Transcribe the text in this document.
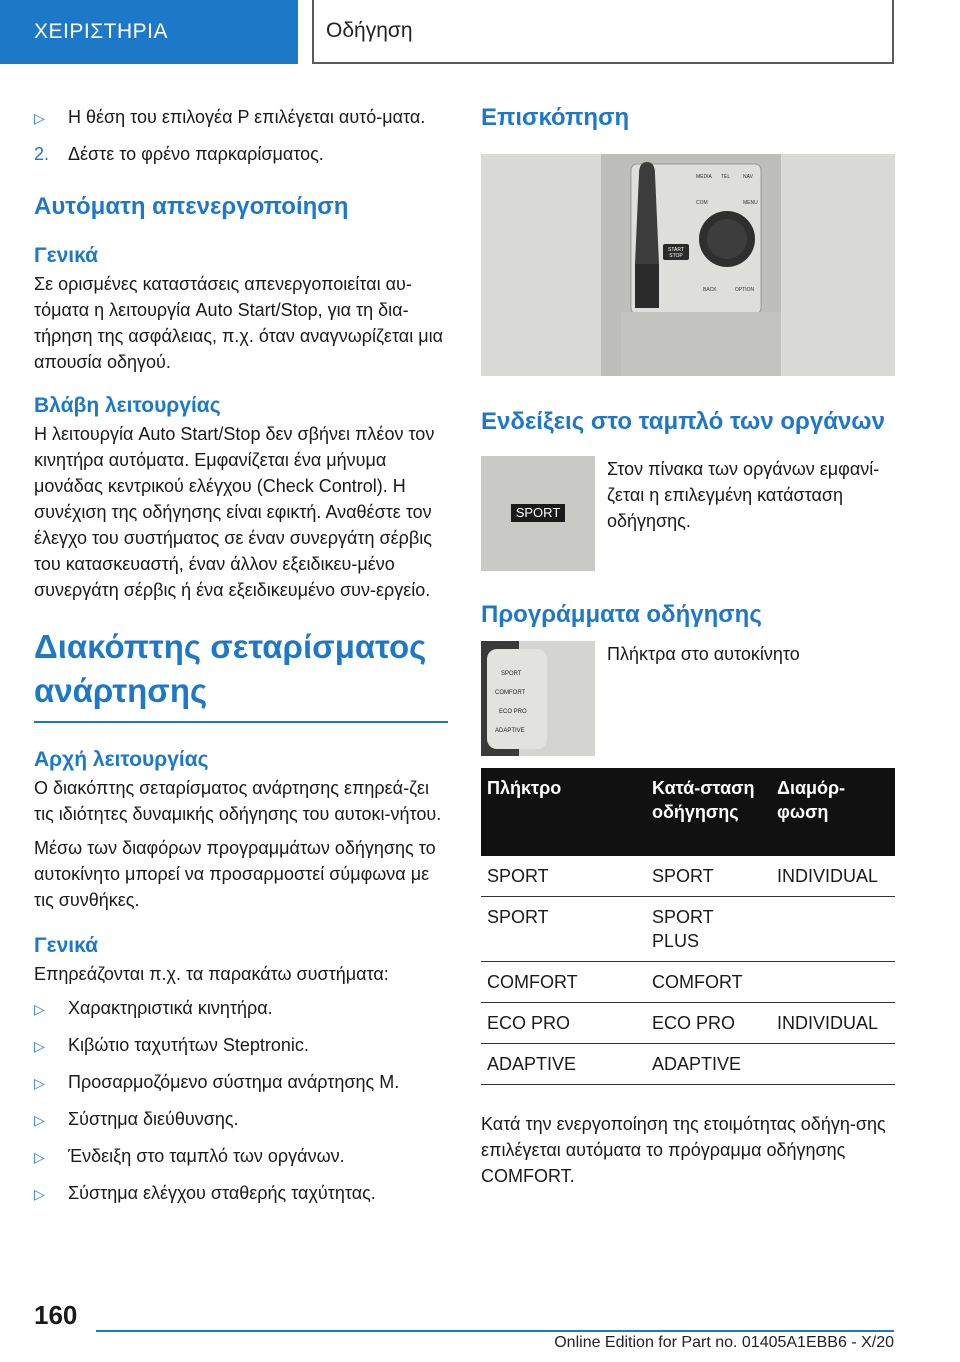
ΧΕΙΡΙΣΤΗΡΙΑ	Οδήγηση
▷	Η θέση του επιλογέα P επιλέγεται αυτό-ματα.
2.	Δέστε το φρένο παρκαρίσματος.
Αυτόματη απενεργοποίηση
Γενικά

Σε ορισμένες καταστάσεις απενεργοποιείται αυ-τόματα η λειτουργία Auto Start/Stop, για τη δια-τήρηση της ασφάλειας, π.χ. όταν αναγνωρίζεται μια απουσία οδηγού.

Βλάβη λειτουργίας

Η λειτουργία Auto Start/Stop δεν σβήνει πλέον τον κινητήρα αυτόματα. Εμφανίζεται ένα μήνυμα μονάδας κεντρικού ελέγχου (Check Control). Η συνέχιση της οδήγησης είναι εφικτή. Αναθέστε τον έλεγχο του συστήματος σε έναν συνεργάτη σέρβις του κατασκευαστή, έναν άλλον εξειδικευ-μένο συνεργάτη σέρβις ή ένα εξειδικευμένο συν-εργείο.

Διακόπτης σεταρίσματος ανάρτησης
Αρχή λειτουργίας

Ο διακόπτης σεταρίσματος ανάρτησης επηρεά-ζει τις ιδιότητες δυναμικής οδήγησης του αυτοκι-νήτου.

Μέσω των διαφόρων προγραμμάτων οδήγησης το αυτοκίνητο μπορεί να προσαρμοστεί σύμφωνα με τις συνθήκες.

Γενικά

Επηρεάζονται π.χ. τα παρακάτω συστήματα:

▷	Χαρακτηριστικά κινητήρα.
▷	Κιβώτιο ταχυτήτων Steptronic.
▷	Προσαρμοζόμενο σύστημα ανάρτησης M.
▷	Σύστημα διεύθυνσης.
▷	Ένδειξη στο ταμπλό των οργάνων.
▷	Σύστημα ελέγχου σταθερής ταχύτητας.
Επισκόπηση
START
STOP
MEDIA TEL	NAV
COM	MENU
BACK	OPTION
Ενδείξεις στο ταμπλό των οργάνων
SPORT

Στον πίνακα των οργάνων εμφανί-ζεται η επιλεγμένη κατάσταση οδήγησης.

Προγράμματα οδήγησης
SPORT
COMFORT
ECO PRO
ADAPTIVE

Πλήκτρα στο αυτοκίνητο

Πλήκτρο	Κατά-σταση οδήγησης	Διαμόρ-φωση
SPORT	SPORT	INDIVIDUAL
SPORT	SPORT PLUS	
COMFORT	COMFORT	
ECO PRO	ECO PRO	INDIVIDUAL
ADAPTIVE	ADAPTIVE	

Κατά την ενεργοποίηση της ετοιμότητας οδήγη-σης επιλέγεται αυτόματα το πρόγραμμα οδήγησης COMFORT.

160
Online Edition for Part no. 01405A1EBB6 - X/20
